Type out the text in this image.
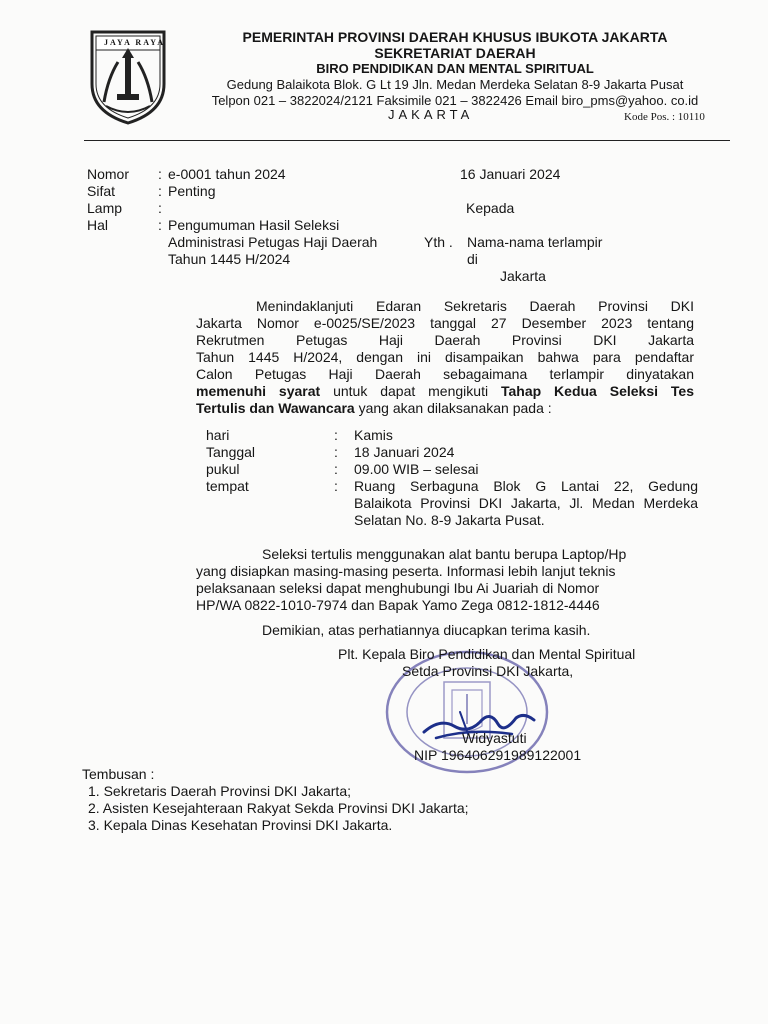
JAYA RAYA	PEMERINTAH PROVINSI DAERAH KHUSUS IBUKOTA JAKARTA
SEKRETARIAT DAERAH
BIRO PENDIDIKAN DAN MENTAL SPIRITUAL
Gedung Balaikota Blok. G Lt 19 Jln. Medan Merdeka Selatan 8-9 Jakarta Pusat
Telpon 021 – 3822024/2121 Faksimile 021 – 3822426 Email biro_pms@yahoo. co.id
JAKARTA	Kode Pos. : 10110
Nomor : e-0001 tahun 2024
Sifat	: Penting
Lamp	:
Hal	: Pengumuman Hasil Seleksi
Administrasi Petugas Haji Daerah
Tahun 1445 H/2024
16 Januari 2024
Kepada
Yth . Nama-nama terlampir
di
Jakarta
Menindaklanjuti Edaran Sekretaris Daerah Provinsi DKI
Jakarta Nomor e-0025/SE/2023 tanggal 27 Desember 2023 tentang
Rekrutmen Petugas Haji Daerah Provinsi DKI Jakarta
Tahun 1445 H/2024, dengan ini disampaikan bahwa para pendaftar
Calon Petugas Haji Daerah sebagaimana terlampir dinyatakan
memenuhi syarat untuk dapat mengikuti Tahap Kedua Seleksi Tes
Tertulis dan Wawancara yang akan dilaksanakan pada :
hari	: Kamis
Tanggal	: 18 Januari 2024
pukul	: 09.00 WIB – selesai
tempat	: Ruang Serbaguna Blok G Lantai 22, Gedung
Balaikota Provinsi DKI Jakarta, Jl. Medan Merdeka
Selatan No. 8-9 Jakarta Pusat.
Seleksi tertulis menggunakan alat bantu berupa Laptop/Hp
yang disiapkan masing-masing peserta. Informasi lebih lanjut teknis
pelaksanaan seleksi dapat menghubungi Ibu Ai Juariah di Nomor
HP/WA 0822-1010-7974 dan Bapak Yamo Zega 0812-1812-4446
Demikian, atas perhatiannya diucapkan terima kasih.
Plt. Kepala Biro Pendidikan dan Mental Spiritual
Setda Provinsi DKI Jakarta,
Widyastuti
NIP 196406291989122001
Tembusan :
1. Sekretaris Daerah Provinsi DKI Jakarta;
2. Asisten Kesejahteraan Rakyat Sekda Provinsi DKI Jakarta;
3. Kepala Dinas Kesehatan Provinsi DKI Jakarta.
